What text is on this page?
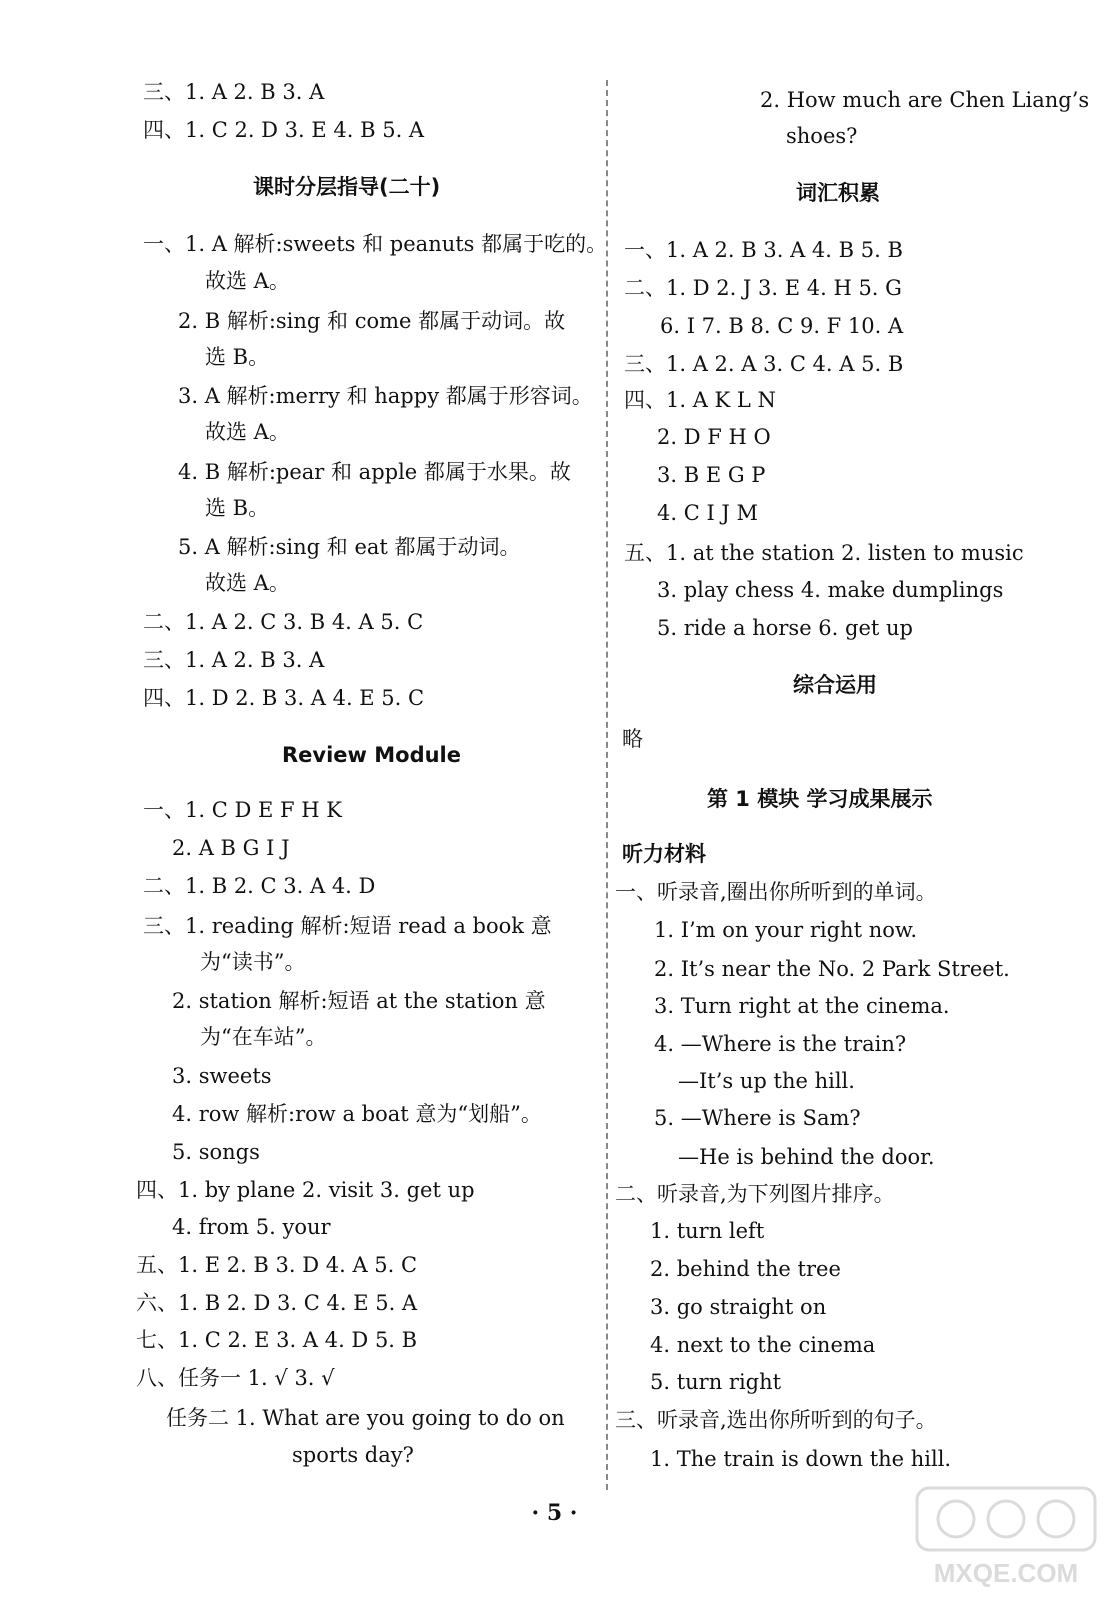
三、1. A 2. B 3. A
四、1. C 2. D 3. E 4. B 5. A
课时分层指导(二十)
一、1. A 解析:sweets 和 peanuts 都属于吃的。
故选 A。
2. B 解析:sing 和 come 都属于动词。故
选 B。
3. A 解析:merry 和 happy 都属于形容词。
故选 A。
4. B 解析:pear 和 apple 都属于水果。故
选 B。
5. A 解析:sing 和 eat 都属于动词。
故选 A。
二、1. A 2. C 3. B 4. A 5. C
三、1. A 2. B 3. A
四、1. D 2. B 3. A 4. E 5. C
Review Module
一、1. C D E F H K
2. A B G I J
二、1. B 2. C 3. A 4. D
三、1. reading 解析:短语 read a book 意
为“读书”。
2. station 解析:短语 at the station 意
为“在车站”。
3. sweets
4. row 解析:row a boat 意为“划船”。
5. songs
四、1. by plane 2. visit 3. get up
4. from 5. your
五、1. E 2. B 3. D 4. A 5. C
六、1. B 2. D 3. C 4. E 5. A
七、1. C 2. E 3. A 4. D 5. B
八、任务一 1. √ 3. √
任务二 1. What are you going to do on
sports day?
2. How much are Chen Liang’s
shoes?
词汇积累
一、1. A 2. B 3. A 4. B 5. B
二、1. D 2. J 3. E 4. H 5. G
6. I 7. B 8. C 9. F 10. A
三、1. A 2. A 3. C 4. A 5. B
四、1. A K L N
2. D F H O
3. B E G P
4. C I J M
五、1. at the station 2. listen to music
3. play chess 4. make dumplings
5. ride a horse 6. get up
综合运用
略
第 1 模块 学习成果展示
听力材料
一、听录音,圈出你所听到的单词。
1. I’m on your right now.
2. It’s near the No. 2 Park Street.
3. Turn right at the cinema.
4. —Where is the train?
—It’s up the hill.
5. —Where is Sam?
—He is behind the door.
二、听录音,为下列图片排序。
1. turn left
2. behind the tree
3. go straight on
4. next to the cinema
5. turn right
三、听录音,选出你所听到的句子。
1. The train is down the hill.
· 5 ·
MXQE.COM
